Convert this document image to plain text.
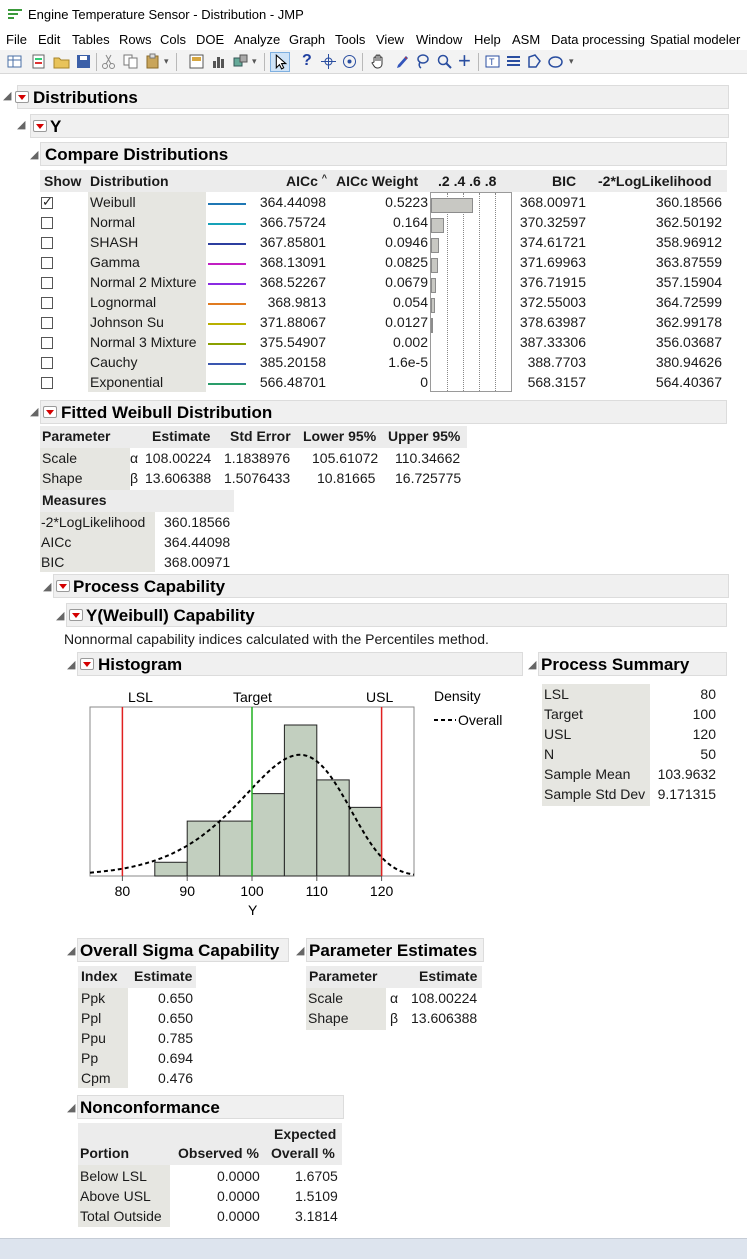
Engine Temperature Sensor - Distribution - JMP
File Edit Tables Rows Cols DOE Analyze Graph Tools View Window Help ASM Data processing Spatial modeler
▾	▾	?	+ T	▾
Distributions
◢
Y
◢
◢ Compare Distributions
Show Distribution	AICc ^ AICc Weight .2 .4 .6 .8	BIC -2*LogLikelihood
✓
Weibull	364.44098	0.5223	368.00971	360.18566
Normal	366.75724	0.164	370.32597	362.50192
SHASH	367.85801	0.0946	374.61721	358.96912
Gamma	368.13091	0.0825	371.69963	363.87559
Normal 2 Mixture	368.52267	0.0679	376.71915	357.15904
Lognormal	368.9813	0.054	372.55003	364.72599
Johnson Su	371.88067	0.0127	378.63987	362.99178
Normal 3 Mixture	375.54907	0.002	387.33306	356.03687
Cauchy	385.20158	1.6e-5	388.7703	380.94626
Exponential	566.48701	0	568.3157	564.40367
◢ Fitted Weibull Distribution
Parameter	Estimate Std Error Lower 95% Upper 95%
Scale	α 108.00224 1.1838976 105.61072 110.34662
Shape	β 13.606388 1.5076433 10.81665 16.725775
Measures
-2*LogLikelihood 360.18566
AICc	364.44098
BIC	368.00971
◢ Process Capability
◢ Y(Weibull) Capability
Nonnormal capability indices calculated with the Percentiles method.
◢ Histogram
LSL	Target	USL
80	90	100	110	120
Y
Density
Overall
◢ Process Summary
LSL	80
Target	100
USL	120
N	50
Sample Mean 103.9632
Sample Std Dev 9.171315
◢ Overall Sigma Capability
Index Estimate
Ppk	0.650
Ppl	0.650
Ppu	0.785
Pp	0.694
Cpm	0.476
◢ Parameter Estimates
Parameter	Estimate
Scale	α 108.00224
Shape	β 13.606388
◢ Nonconformance
Portion	Observed %
Expected
Overall %
Below LSL	0.0000	1.6705
Above USL	0.0000	1.5109
Total Outside	0.0000	3.1814
